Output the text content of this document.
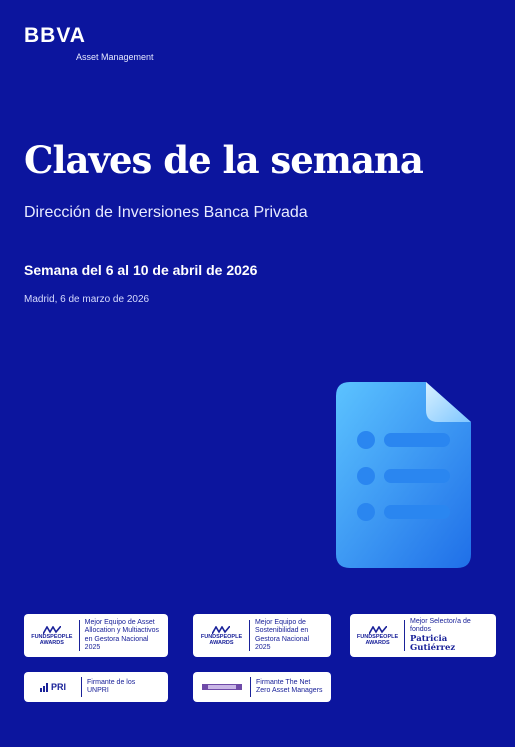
BBVA
Asset Management
Claves de la semana
Dirección de Inversiones Banca Privada
Semana del 6 al 10 de abril de 2026
Madrid, 6 de marzo de 2026
FUNDSPEOPLE AWARDS
Mejor Equipo de Asset
Allocation y Multiactivos
en Gestora Nacional 2025
FUNDSPEOPLE AWARDS
Mejor Equipo de
Sostenibilidad en
Gestora Nacional 2025
FUNDSPEOPLE AWARDS
Mejor Selector/a de fondos
Patricia Gutiérrez
PRI	Firmante de los
UNPRI
Firmante The Net
Zero Asset Managers
